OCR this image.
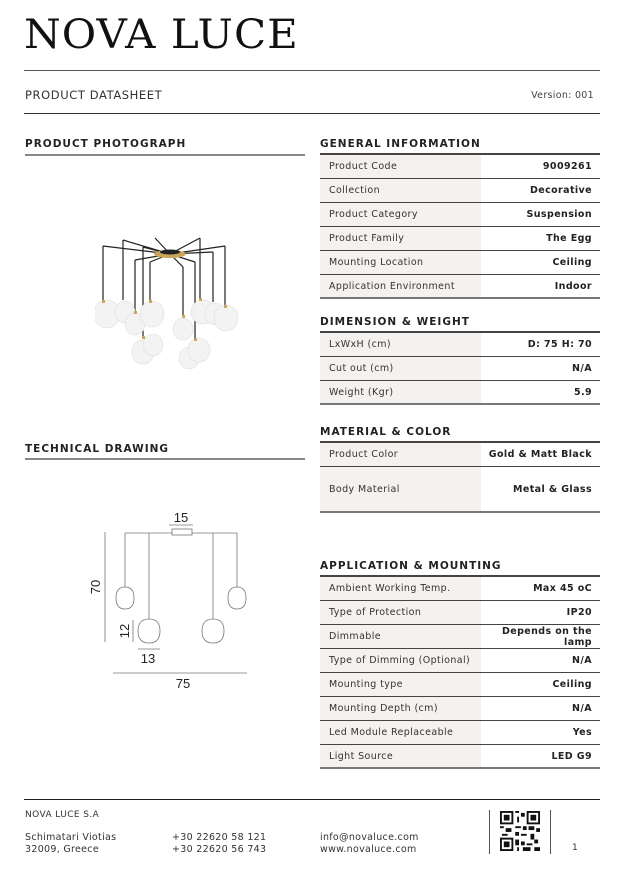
NOVA LUCE
PRODUCT DATASHEET	Version: 001
PRODUCT PHOTOGRAPH
TECHNICAL DRAWING
15
70
12
13
75
GENERAL INFORMATION
Product Code	9009261
Collection	Decorative
Product Category	Suspension
Product Family	The Egg
Mounting Location	Ceiling
Application Environment	Indoor
DIMENSION & WEIGHT
LxWxH (cm)	D: 75 H: 70
Cut out (cm)	N/A
Weight (Kgr)	5.9
MATERIAL & COLOR
Product Color	Gold & Matt Black
Body Material	Metal & Glass
APPLICATION & MOUNTING
Ambient Working Temp.	Max 45 oC
Type of Protection	IP20
Dimmable	Depends on the lamp
Type of Dimming (Optional)	N/A
Mounting type	Ceiling
Mounting Depth (cm)	N/A
Led Module Replaceable	Yes
Light Source	LED G9
NOVA LUCE S.A
Schimatari Viotias
32009, Greece
+30 22620 58 121
+30 22620 56 743
info@novaluce.com
www.novaluce.com	1
